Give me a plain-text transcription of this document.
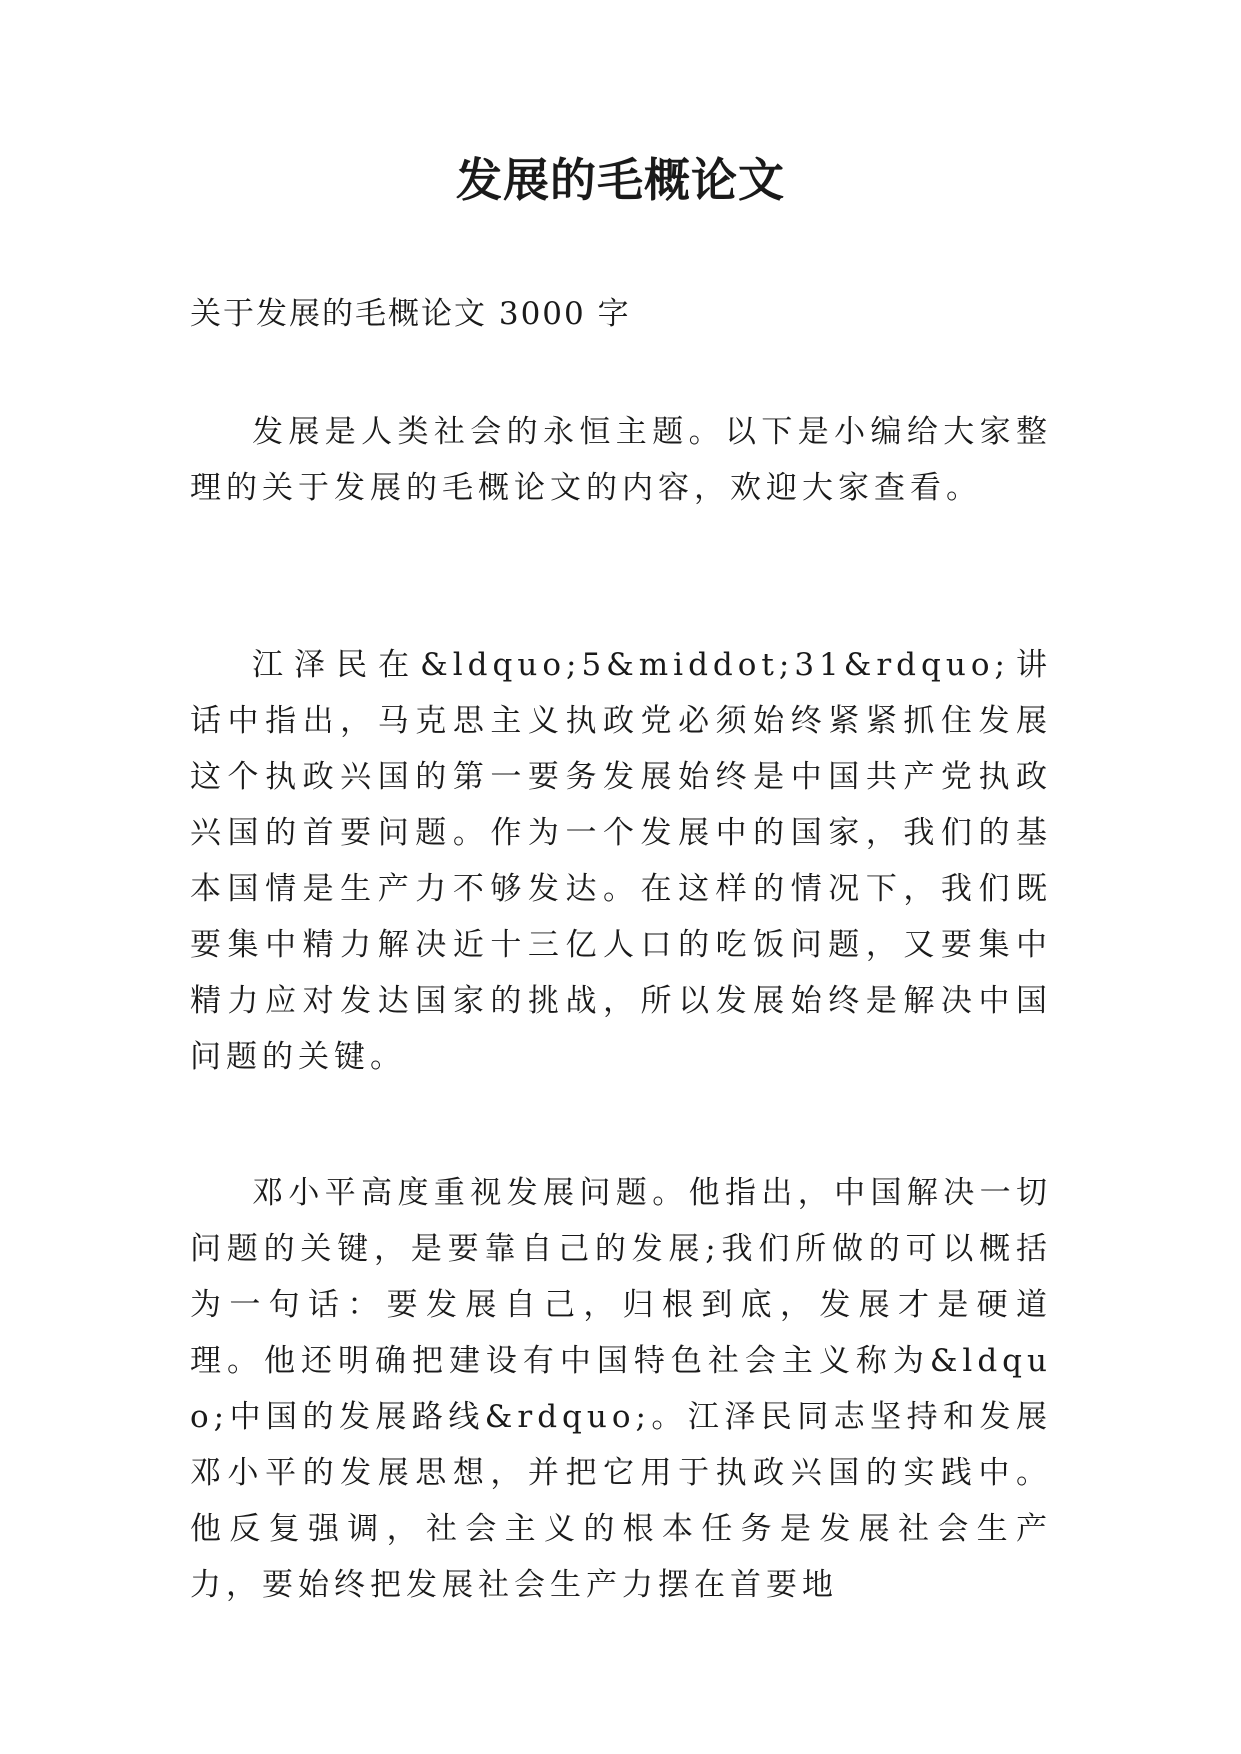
发展的毛概论文

关于发展的毛概论文 3000 字

发展是人类社会的永恒主题。以下是小编给大家整理的关于发展的毛概论文的内容，欢迎大家查看。

江泽民在&ldquo;5&middot;31&rdquo;讲话中指出，马克思主义执政党必须始终紧紧抓住发展这个执政兴国的第一要务发展始终是中国共产党执政兴国的首要问题。作为一个发展中的国家，我们的基本国情是生产力不够发达。在这样的情况下，我们既要集中精力解决近十三亿人口的吃饭问题，又要集中精力应对发达国家的挑战，所以发展始终是解决中国问题的关键。

邓小平高度重视发展问题。他指出，中国解决一切问题的关键，是要靠自己的发展;我们所做的可以概括为一句话：要发展自己，归根到底，发展才是硬道理。他还明确把建设有中国特色社会主义称为&ldquo;中国的发展路线&rdquo;。江泽民同志坚持和发展邓小平的发展思想，并把它用于执政兴国的实践中。他反复强调，社会主义的根本任务是发展社会生产力，要始终把发展社会生产力摆在首要地
